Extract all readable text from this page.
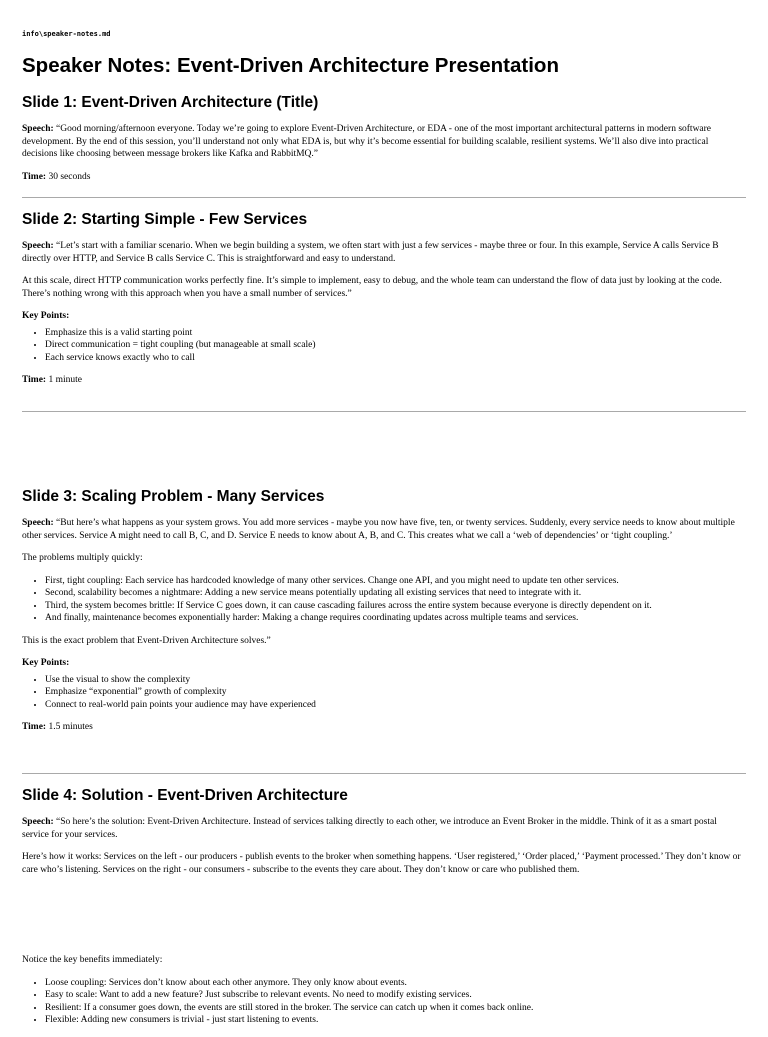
info\speaker-notes.md

Speaker Notes: Event-Driven Architecture Presentation
Slide 1: Event-Driven Architecture (Title)

Speech: “Good morning/afternoon everyone. Today we’re going to explore Event-Driven Architecture, or EDA - one of the most important architectural patterns in modern software development. By the end of this session, you’ll understand not only what EDA is, but why it’s become essential for building scalable, resilient systems. We’ll also dive into practical decisions like choosing between message brokers like Kafka and RabbitMQ.”

Time: 30 seconds

Slide 2: Starting Simple - Few Services

Speech: “Let’s start with a familiar scenario. When we begin building a system, we often start with just a few services - maybe three or four. In this example, Service A calls Service B directly over HTTP, and Service B calls Service C. This is straightforward and easy to understand.

At this scale, direct HTTP communication works perfectly fine. It’s simple to implement, easy to debug, and the whole team can understand the flow of data just by looking at the code. There’s nothing wrong with this approach when you have a small number of services.”

Key Points:

• Emphasize this is a valid starting point
• Direct communication = tight coupling (but manageable at small scale)
• Each service knows exactly who to call

Time: 1 minute

Slide 3: Scaling Problem - Many Services

Speech: “But here’s what happens as your system grows. You add more services - maybe you now have five, ten, or twenty services. Suddenly, every service needs to know about multiple other services. Service A might need to call B, C, and D. Service E needs to know about A, B, and C. This creates what we call a ‘web of dependencies’ or ‘tight coupling.’

The problems multiply quickly:

• First, tight coupling: Each service has hardcoded knowledge of many other services. Change one API, and you might need to update ten other services.
• Second, scalability becomes a nightmare: Adding a new service means potentially updating all existing services that need to integrate with it.
• Third, the system becomes brittle: If Service C goes down, it can cause cascading failures across the entire system because everyone is directly dependent on it.
• And finally, maintenance becomes exponentially harder: Making a change requires coordinating updates across multiple teams and services.

This is the exact problem that Event-Driven Architecture solves.”

Key Points:

• Use the visual to show the complexity
• Emphasize “exponential” growth of complexity
• Connect to real-world pain points your audience may have experienced

Time: 1.5 minutes

Slide 4: Solution - Event-Driven Architecture

Speech: “So here’s the solution: Event-Driven Architecture. Instead of services talking directly to each other, we introduce an Event Broker in the middle. Think of it as a smart postal service for your services.

Here’s how it works: Services on the left - our producers - publish events to the broker when something happens. ‘User registered,’ ‘Order placed,’ ‘Payment processed.’ They don’t know or care who’s listening. Services on the right - our consumers - subscribe to the events they care about. They don’t know or care who published them.

Notice the key benefits immediately:

• Loose coupling: Services don’t know about each other anymore. They only know about events.
• Easy to scale: Want to add a new feature? Just subscribe to relevant events. No need to modify existing services.
• Resilient: If a consumer goes down, the events are still stored in the broker. The service can catch up when it comes back online.
• Flexible: Adding new consumers is trivial - just start listening to events.
